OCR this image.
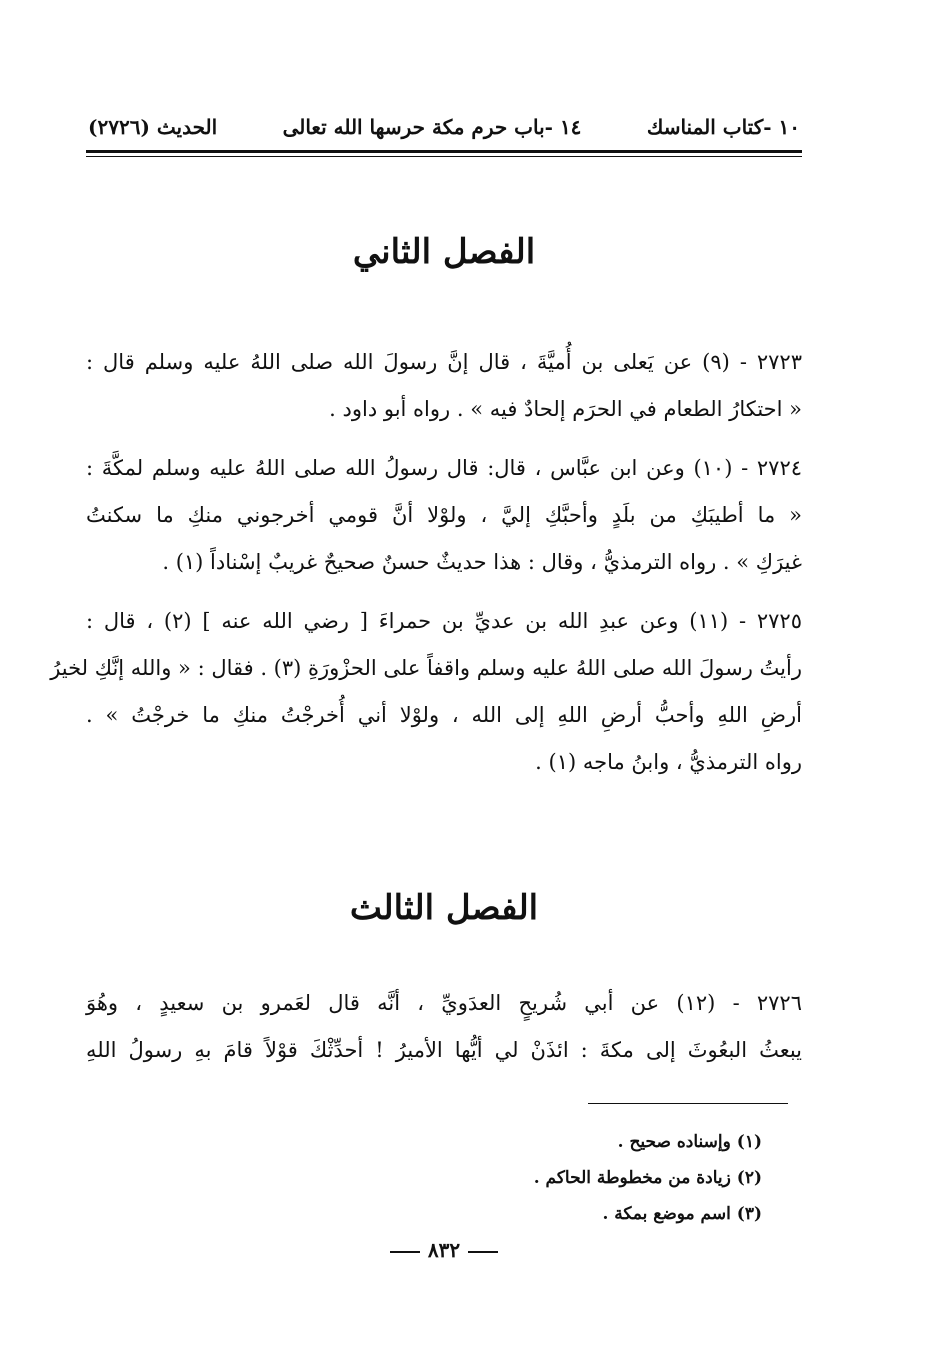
١٠ -كتاب المناسك
١٤ -باب حرم مكة حرسها الله تعالى
الحديث (٢٧٢٦)
الفصل الثاني
٢٧٢٣ - (٩) عن يَعلى بن أُميَّةَ ، قال إنَّ رسولَ الله صلى اللهُ عليه وسلم قال :
« احتكارُ الطعام في الحرَم إلحادٌ فيه » . رواه أبو داود .
٢٧٢٤ - (١٠) وعن ابن عبَّاس ، قال: قال رسولُ الله صلى اللهُ عليه وسلم لمكَّةَ :
« ما أطيبَكِ من بلَدٍ وأحبَّكِ إليَّ ، ولوْلا أنَّ قومي أخرجوني منكِ ما سكنتُ
غيرَكِ » . رواه الترمذيُّ ، وقال : هذا حديثٌ حسنٌ صحيحٌ غريبٌ إسْناداً (١) .
٢٧٢٥ - (١١) وعن عبدِ الله بن عديِّ بن حمراءَ [ رضي الله عنه ] (٢) ، قال :
رأيتُ رسولَ الله صلى اللهُ عليه وسلم واقفاً على الحزْورَةِ (٣) . فقال : « والله إنَّكِ لخيرُ
أرضِ اللهِ وأحبُّ أرضِ اللهِ إلى الله ، ولوْلا أني أُخرجْتُ منكِ ما خرجْتُ » .
رواه الترمذيُّ ، وابنُ ماجه (١) .
الفصل الثالث
٢٧٢٦ - (١٢) عن أبي شُريحٍ العدَويِّ ، أنَّه قال لعَمرو بن سعيدٍ ، وهُوَ
يبعثُ البعُوثَ إلى مكةَ : ائذَنْ لي أيُّها الأميرُ ! أحدِّثْكَ قوْلاً قامَ بهِ رسولُ اللهِ
(١) وإسناده صحيح .
(٢) زيادة من مخطوطة الحاكم .
(٣) اسم موضع بمكة .
٨٣٢
